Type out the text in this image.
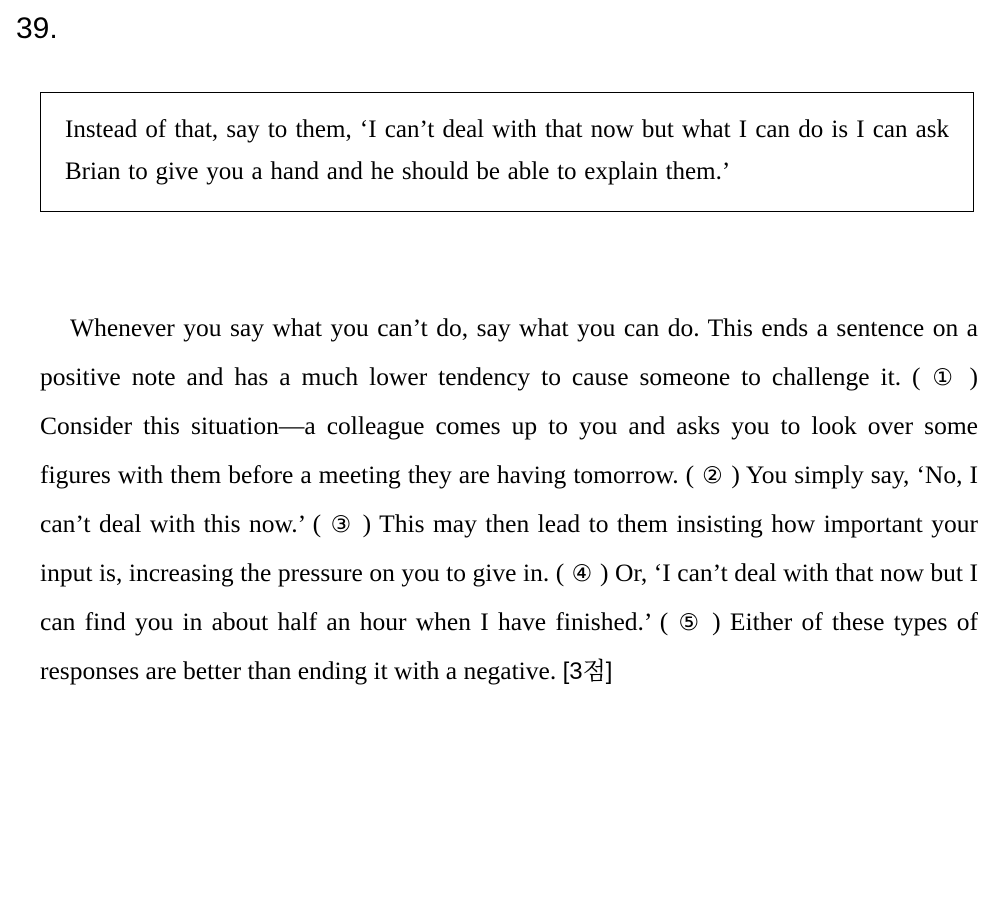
39.
Instead of that, say to them, ‘I can’t deal with that now but what I can do is I can ask Brian to give you a hand and he should be able to explain them.’
Whenever you say what you can’t do, say what you can do. This ends a sentence on a positive note and has a much lower tendency to cause someone to challenge it. ( ① ) Consider this situation—a colleague comes up to you and asks you to look over some figures with them before a meeting they are having tomorrow. ( ② ) You simply say, ‘No, I can’t deal with this now.’ ( ③ ) This may then lead to them insisting how important your input is, increasing the pressure on you to give in. ( ④ ) Or, ‘I can’t deal with that now but I can find you in about half an hour when I have finished.’ ( ⑤ ) Either of these types of responses are better than ending it with a negative. [3점]
